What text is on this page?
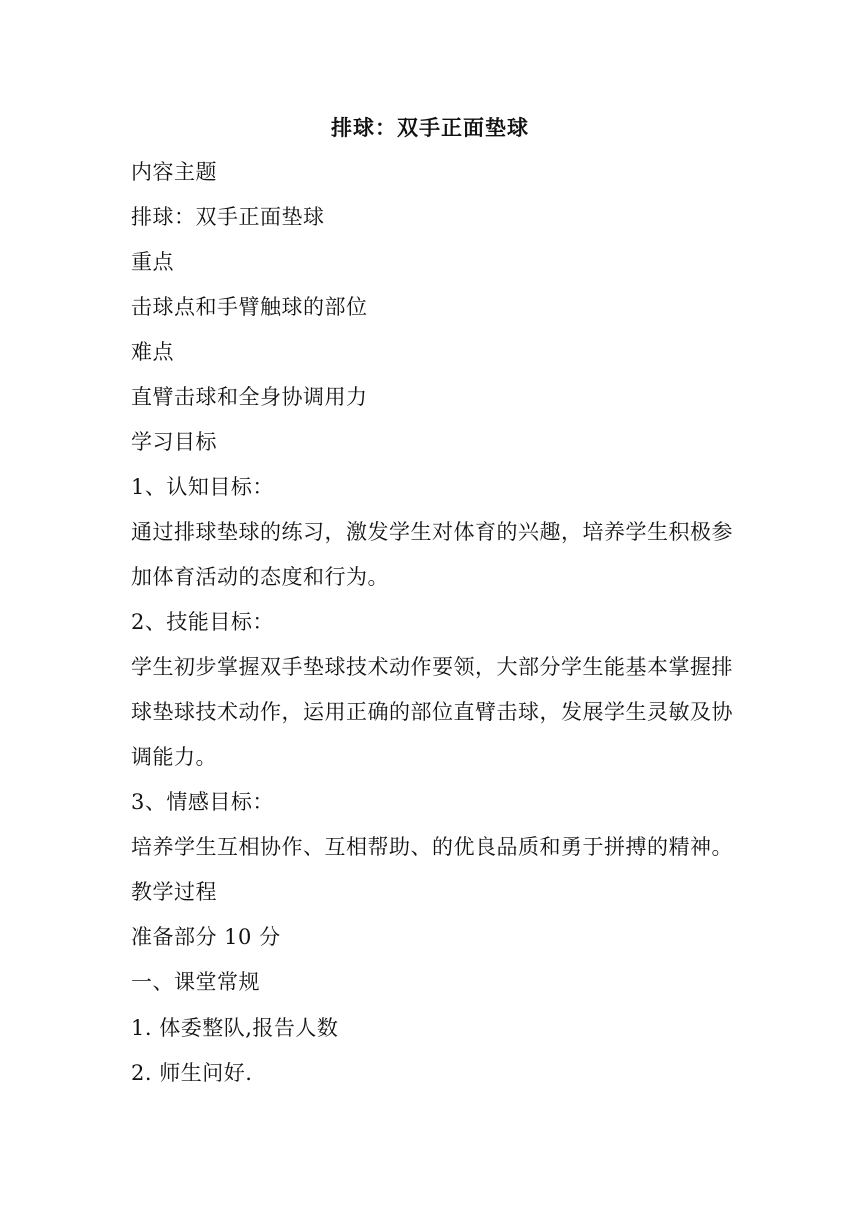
排球：双手正面垫球
内容主题
排球：双手正面垫球
重点
击球点和手臂触球的部位
难点
直臂击球和全身协调用力
学习目标
1、认知目标：
通过排球垫球的练习，激发学生对体育的兴趣，培养学生积极参加体育活动的态度和行为。
2、技能目标：
学生初步掌握双手垫球技术动作要领，大部分学生能基本掌握排球垫球技术动作，运用正确的部位直臂击球，发展学生灵敏及协调能力。
3、情感目标：
培养学生互相协作、互相帮助、的优良品质和勇于拼搏的精神。
教学过程
准备部分 10 分
一、课堂常规
1. 体委整队,报告人数
2. 师生问好.
